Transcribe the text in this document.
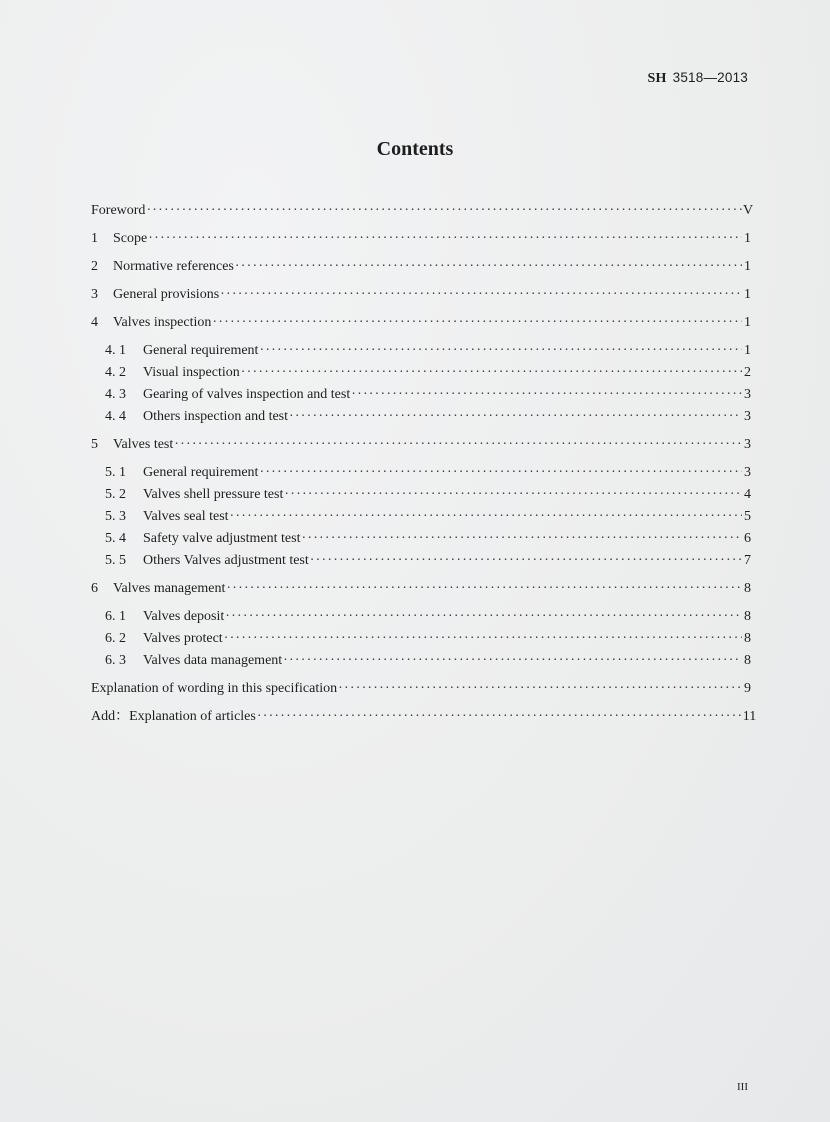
SH 3518—2013
Contents
Foreword ·····	V
1	Scope ·····	1
2	Normative references ·····	1
3	General provisions ·····	1
4	Valves inspection ·····	1
4. 1	General requirement ·····	1
4. 2	Visual inspection ·····	2
4. 3	Gearing of valves inspection and test ·····	3
4. 4	Others inspection and test ·····	3
5	Valves test ·····	3
5. 1	General requirement ·····	3
5. 2	Valves shell pressure test ·····	4
5. 3	Valves seal test ·····	5
5. 4	Safety valve adjustment test ·····	6
5. 5	Others Valves adjustment test ·····	7
6	Valves management ·····	8
6. 1	Valves deposit ·····	8
6. 2	Valves protect ·····	8
6. 3	Valves data management ·····	8
Explanation of wording in this specification ·····	9
Add：Explanation of articles ·····	11
III
